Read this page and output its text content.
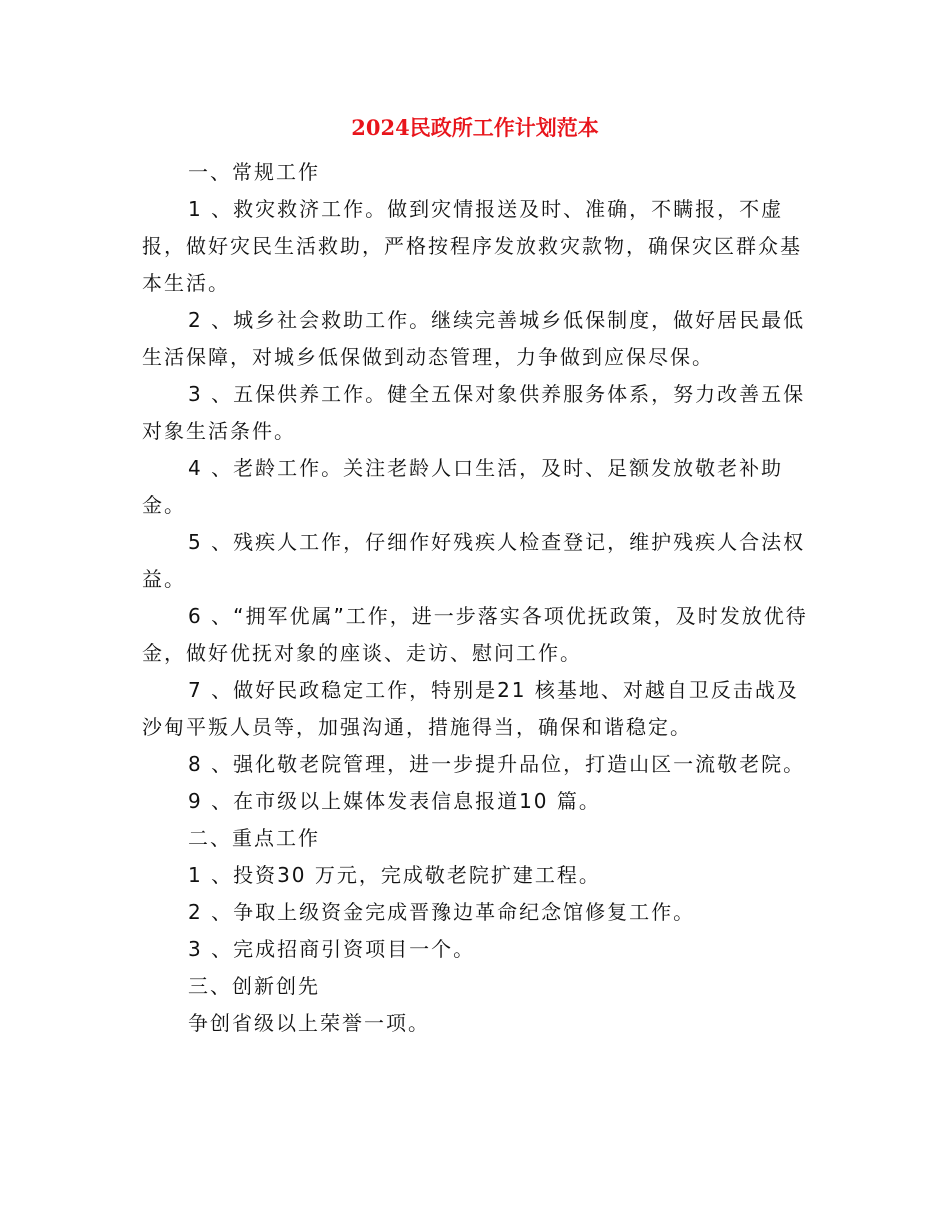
2024民政所工作计划范本

一、常规工作

1 、救灾救济工作。做到灾情报送及时、准确，不瞒报，不虚报，做好灾民生活救助，严格按程序发放救灾款物，确保灾区群众基本生活。

2 、城乡社会救助工作。继续完善城乡低保制度，做好居民最低生活保障，对城乡低保做到动态管理，力争做到应保尽保。

3 、五保供养工作。健全五保对象供养服务体系，努力改善五保对象生活条件。

4 、老龄工作。关注老龄人口生活，及时、足额发放敬老补助金。

5 、残疾人工作，仔细作好残疾人检查登记，维护残疾人合法权益。

6 、“拥军优属”工作，进一步落实各项优抚政策，及时发放优待金，做好优抚对象的座谈、走访、慰问工作。

7 、做好民政稳定工作，特别是21 核基地、对越自卫反击战及沙甸平叛人员等，加强沟通，措施得当，确保和谐稳定。

8 、强化敬老院管理，进一步提升品位，打造山区一流敬老院。

9 、在市级以上媒体发表信息报道10 篇。

二、重点工作

1 、投资30 万元，完成敬老院扩建工程。

2 、争取上级资金完成晋豫边革命纪念馆修复工作。

3 、完成招商引资项目一个。

三、创新创先

争创省级以上荣誉一项。
